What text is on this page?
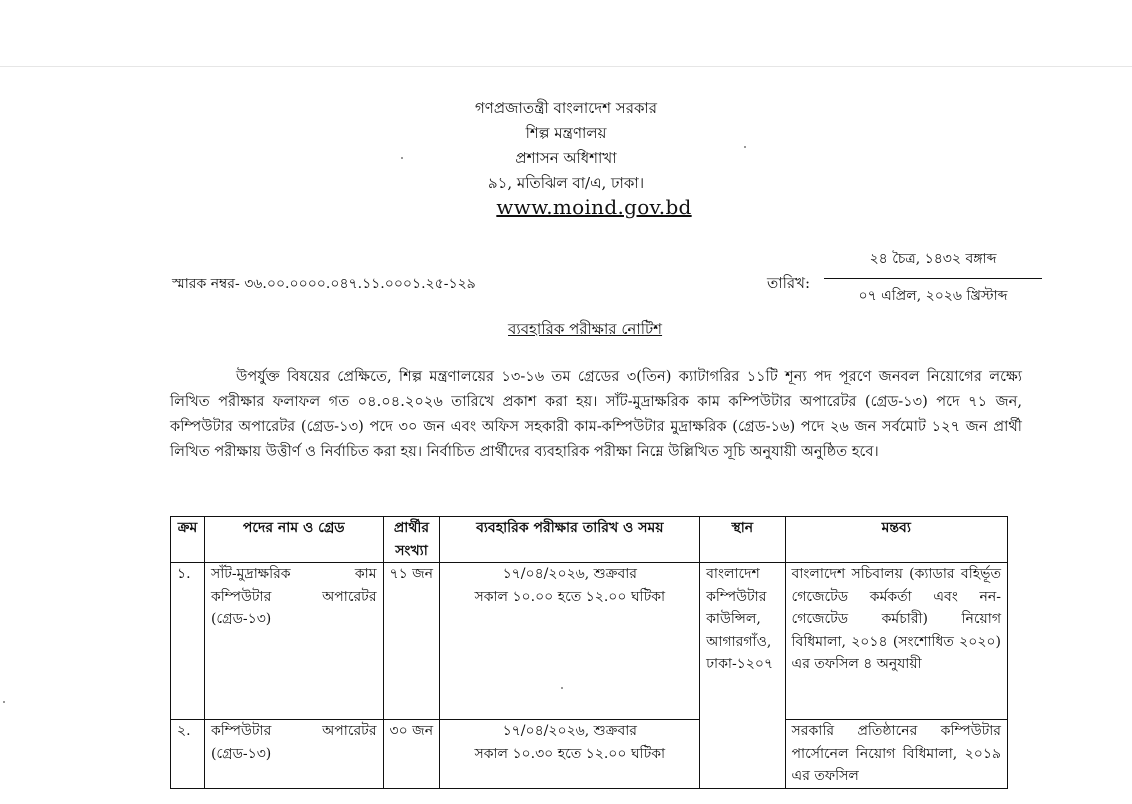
গণপ্রজাতন্ত্রী বাংলাদেশ সরকার
শিল্প মন্ত্রণালয়
প্রশাসন অধিশাখা
৯১, মতিঝিল বা/এ, ঢাকা।
www.moind.gov.bd
স্মারক নম্বর- ৩৬.০০.০০০০.০৪৭.১১.০০০১.২৫-১২৯	তারিখ:
২৪ চৈত্র, ১৪৩২ বঙ্গাব্দ
০৭ এপ্রিল, ২০২৬ খ্রিস্টাব্দ
ব্যবহারিক পরীক্ষার নোটিশ
উপর্যুক্ত বিষয়ের প্রেক্ষিতে, শিল্প মন্ত্রণালয়ের ১৩-১৬ তম গ্রেডের ৩(তিন) ক্যাটাগরির ১১টি শূন্য পদ পূরণে জনবল নিয়োগের লক্ষ্যে লিখিত পরীক্ষার ফলাফল গত ০৪.০৪.২০২৬ তারিখে প্রকাশ করা হয়। সাঁট-মুদ্রাক্ষরিক কাম কম্পিউটার অপারেটর (গ্রেড-১৩) পদে ৭১ জন, কম্পিউটার অপারেটর (গ্রেড-১৩) পদে ৩০ জন এবং অফিস সহকারী কাম-কম্পিউটার মুদ্রাক্ষরিক (গ্রেড-১৬) পদে ২৬ জন সর্বমোট ১২৭ জন প্রার্থী লিখিত পরীক্ষায় উত্তীর্ণ ও নির্বাচিত করা হয়। নির্বাচিত প্রার্থীদের ব্যবহারিক পরীক্ষা নিম্নে উল্লিখিত সূচি অনুযায়ী অনুষ্ঠিত হবে।
ক্রম	পদের নাম ও গ্রেড	প্রার্থীর সংখ্যা	ব্যবহারিক পরীক্ষার তারিখ ও সময়	স্থান	মন্তব্য
১.	সাঁট-মুদ্রাক্ষরিক কাম কম্পিউটার অপারেটর (গ্রেড-১৩)	৭১ জন	১৭/০৪/২০২৬, শুক্রবার
সকাল ১০.০০ হতে ১২.০০ ঘটিকা	বাংলাদেশ কম্পিউটার কাউন্সিল, আগারগাঁও, ঢাকা-১২০৭	বাংলাদেশ সচিবালয় (ক্যাডার বহির্ভূত গেজেটেড কর্মকর্তা এবং নন-গেজেটেড কর্মচারী) নিয়োগ বিধিমালা, ২০১৪ (সংশোধিত ২০২০) এর তফসিল ৪ অনুযায়ী
২.	কম্পিউটার অপারেটর (গ্রেড-১৩)	৩০ জন	১৭/০৪/২০২৬, শুক্রবার
সকাল ১০.৩০ হতে ১২.০০ ঘটিকা		সরকারি প্রতিষ্ঠানের কম্পিউটার পার্সোনেল নিয়োগ বিধিমালা, ২০১৯ এর তফসিল
